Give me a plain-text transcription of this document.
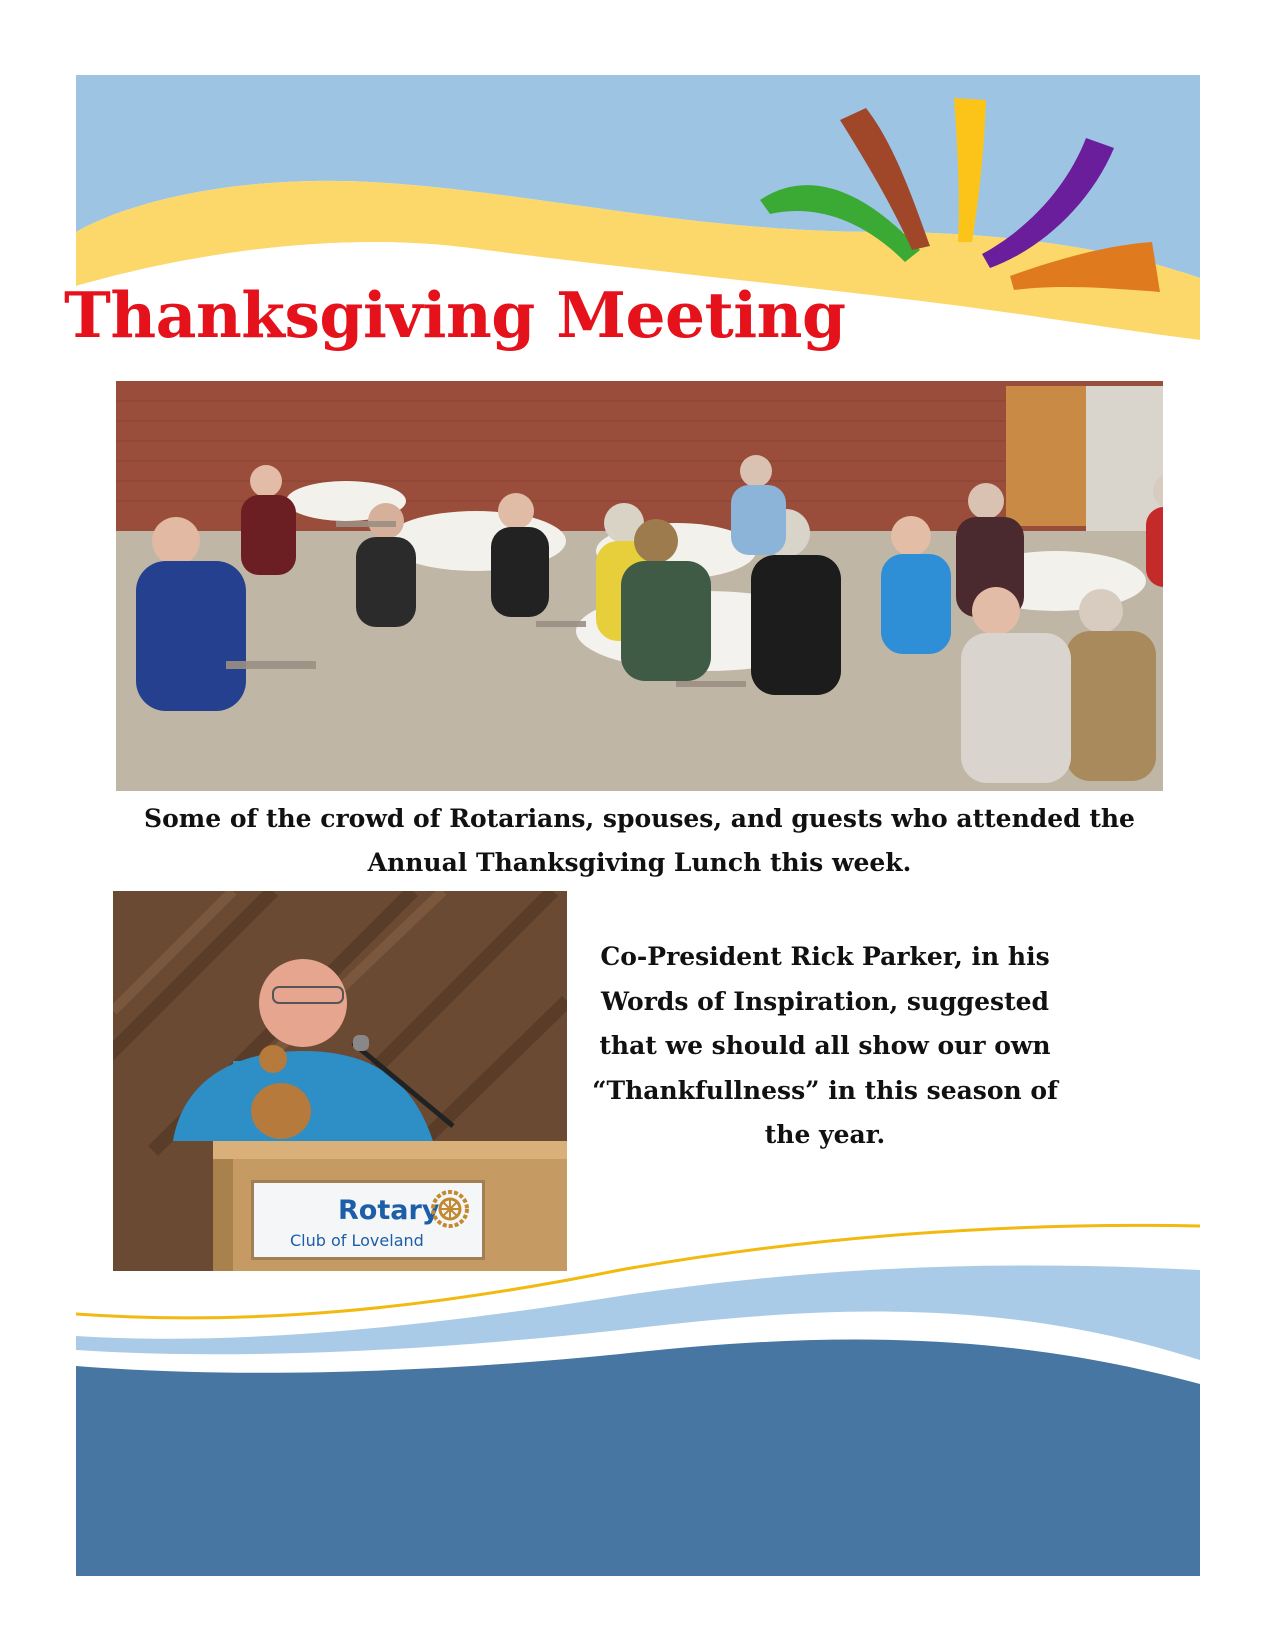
Thanksgiving Meeting

Some of the crowd of Rotarians, spouses, and guests who attended the Annual Thanksgiving Lunch this week.

Rotary
Club of Loveland

Co-President Rick Parker, in his Words of Inspiration, suggested that we should all show our own “Thankfullness” in this season of the year.
